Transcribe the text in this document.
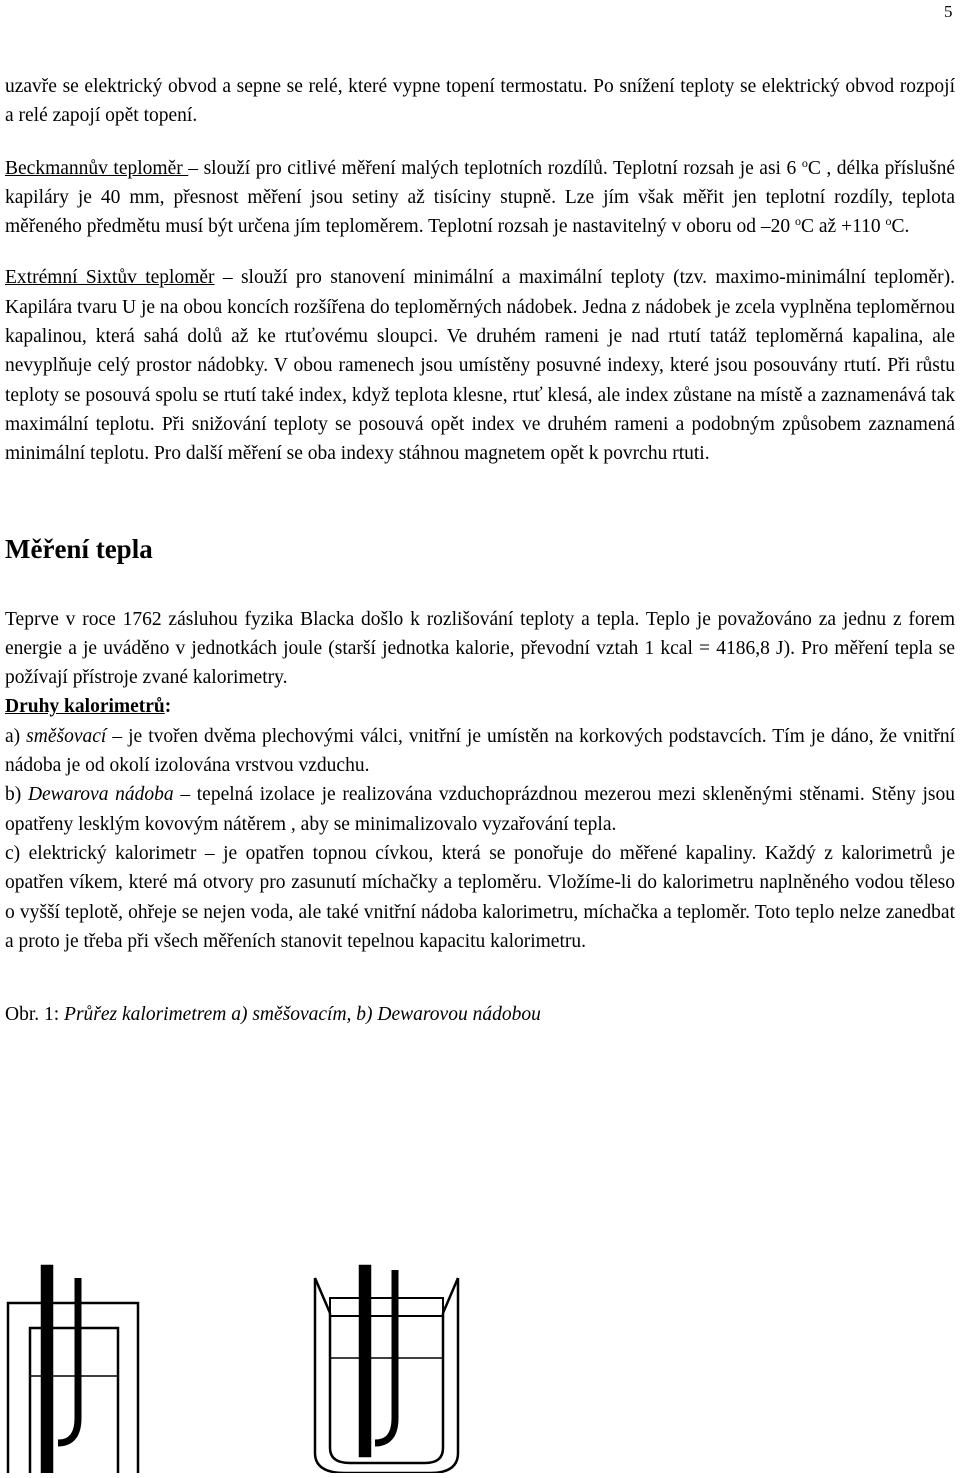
5

uzavře se elektrický obvod a sepne se relé, které vypne topení termostatu. Po snížení teploty se elektrický obvod rozpojí a relé zapojí opět topení.

Beckmannův teploměr – slouží pro citlivé měření malých teplotních rozdílů. Teplotní rozsah je asi 6 $^o$C , délka příslušné kapiláry je 40 mm, přesnost měření jsou setiny až tisíciny stupně. Lze jím však měřit jen teplotní rozdíly, teplota měřeného předmětu musí být určena jím teploměrem. Teplotní rozsah je nastavitelný v oboru od –20 $^o$C až +110 $^o$C.

Extrémní Sixtův teploměr – slouží pro stanovení minimální a maximální teploty (tzv. maximo-minimální teploměr). Kapilára tvaru U je na obou koncích rozšířena do teploměrných nádobek. Jedna z nádobek je zcela vyplněna teploměrnou kapalinou, která sahá dolů až ke rtuťovému sloupci. Ve druhém rameni je nad rtutí tatáž teploměrná kapalina, ale nevyplňuje celý prostor nádobky. V obou ramenech jsou umístěny posuvné indexy, které jsou posouvány rtutí. Při růstu teploty se posouvá spolu se rtutí také index, když teplota klesne, rtuť klesá, ale index zůstane na místě a zaznamenává tak maximální teplotu. Při snižování teploty se posouvá opět index ve druhém rameni a podobným způsobem zaznamená minimální teplotu. Pro další měření se oba indexy stáhnou magnetem opět k povrchu rtuti.

Měření tepla

Teprve v roce 1762 zásluhou fyzika Blacka došlo k rozlišování teploty a tepla. Teplo je považováno za jednu z forem energie a je uváděno v jednotkách joule (starší jednotka kalorie, převodní vztah 1 kcal = 4186,8 J). Pro měření tepla se požívají přístroje zvané kalorimetry.

Druhy kalorimetrů:

a) směšovací – je tvořen dvěma plechovými válci, vnitřní je umístěn na korkových podstavcích. Tím je dáno, že vnitřní nádoba je od okolí izolována vrstvou vzduchu.

b) Dewarova nádoba – tepelná izolace je realizována vzduchoprázdnou mezerou mezi skleněnými stěnami. Stěny jsou opatřeny lesklým kovovým nátěrem , aby se minimalizovalo vyzařování tepla.

c) elektrický kalorimetr – je opatřen topnou cívkou, která se ponořuje do měřené kapaliny. Každý z kalorimetrů je opatřen víkem, které má otvory pro zasunutí míchačky a teploměru. Vložíme-li do kalorimetru naplněného vodou těleso o vyšší teplotě, ohřeje se nejen voda, ale také vnitřní nádoba kalorimetru, míchačka a teploměr. Toto teplo nelze zanedbat a proto je třeba při všech měřeních stanovit tepelnou kapacitu kalorimetru.

Obr. 1: Průřez kalorimetrem a) směšovacím, b) Dewarovou nádobou
